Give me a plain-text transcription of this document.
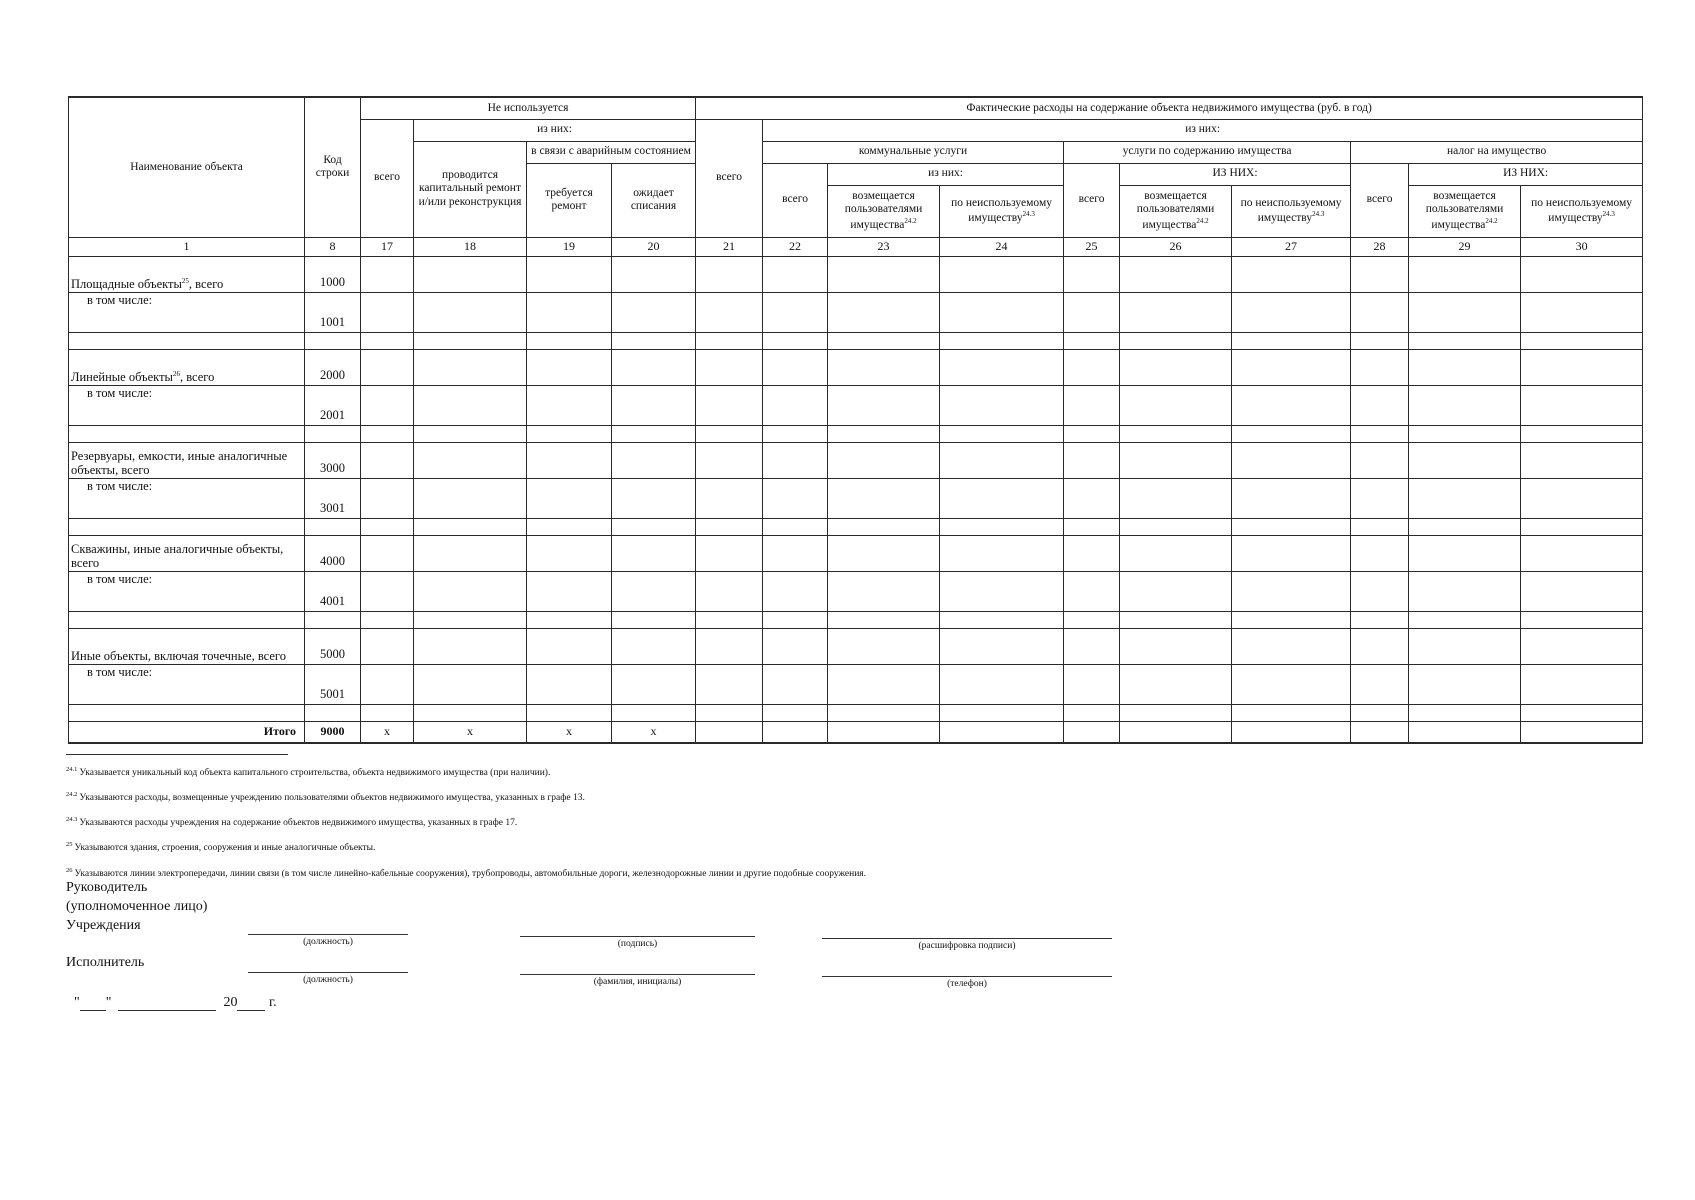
Наименование объекта	Код строки	Не используется				Фактические расходы на содержание объекта недвижимого имущества (руб. в год)									
		всего	из них:			всего	из них:								
			проводится капитальный ремонт и/или реконструкция	в связи с аварийным состоянием			коммунальные услуги			услуги по содержанию имущества			налог на имущество		
				требуется ремонт	ожидает списания		всего	из них:		всего	ИЗ НИХ:		всего	ИЗ НИХ:	
								возмещается пользователями имущества$^{24.2}$	по неиспользуемому имуществу$^{24.3}$		возмещается пользователями имущества$^{24.2}$	по неиспользуемому имуществу$^{24.3}$		возмещается пользователями имущества$^{24.2}$	по неиспользуемому имуществу$^{24.3}$
1	8	17	18	19	20	21	22	23	24	25	26	27	28	29	30
Площадные объекты$^{25}$, всего	1000														
в том числе:	1001														

Линейные объекты$^{26}$, всего	2000														
в том числе:	2001														

Резервуары, емкости, иные аналогичные объекты, всего	3000														
в том числе:	3001														

Скважины, иные аналогичные объекты, всего	4000														
в том числе:	4001														

Иные объекты, включая точечные, всего	5000														
в том числе:	5001														

Итого	9000	х	х	х	х										
$^{24.1}$ Указывается уникальный код объекта капитального строительства, объекта недвижимого имущества (при наличии).
$^{24.2}$ Указываются расходы, возмещенные учреждению пользователями объектов недвижимого имущества, указанных в графе 13.
$^{24.3}$ Указываются расходы учреждения на содержание объектов недвижимого имущества, указанных в графе 17.
$^{25}$ Указываются здания, строения, сооружения и иные аналогичные объекты.
$^{26}$ Указываются линии электропередачи, линии связи (в том числе линейно-кабельные сооружения), трубопроводы, автомобильные дороги, железнодорожные линии и другие подобные сооружения.
Руководитель
(уполномоченное лицо)
Учреждения
Исполнитель
(должность)	(подпись)	(расшифровка подписи)
(должность)	(фамилия, инициалы)	(телефон)
" "	20 г.
